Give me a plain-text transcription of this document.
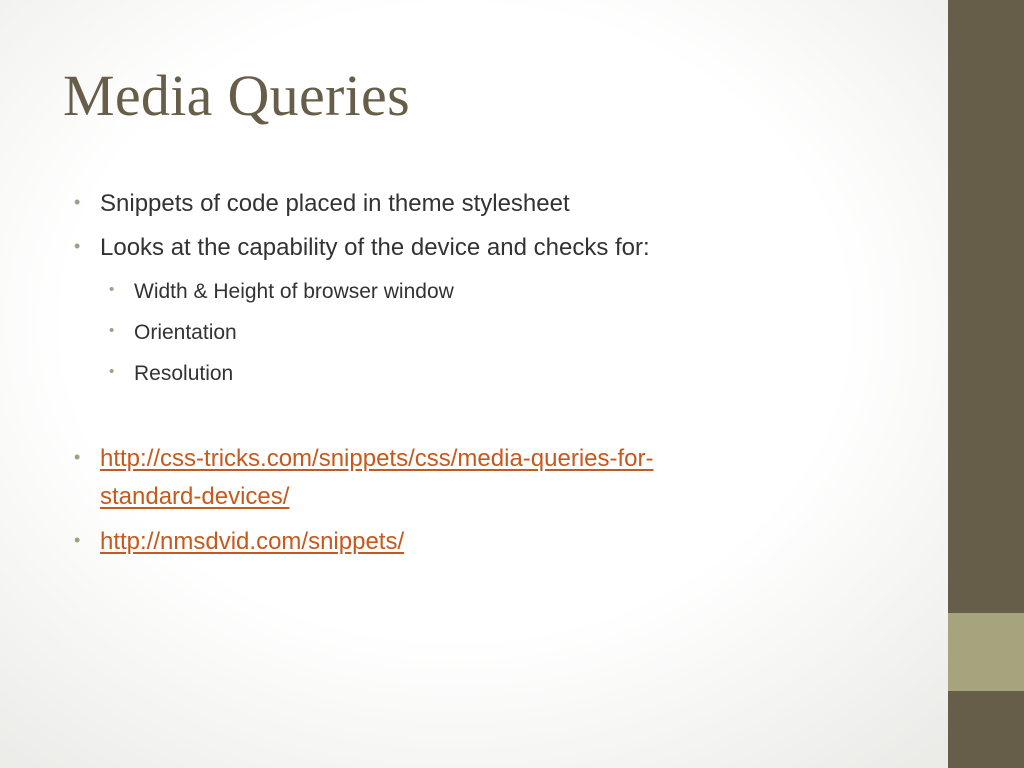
Media Queries
• Snippets of code placed in theme stylesheet

• Looks at the capability of the device and checks for:

• Width & Height of browser window

• Orientation

• Resolution

• http://css-tricks.com/snippets/css/media-queries-for-
standard-devices/
• http://nmsdvid.com/snippets/
